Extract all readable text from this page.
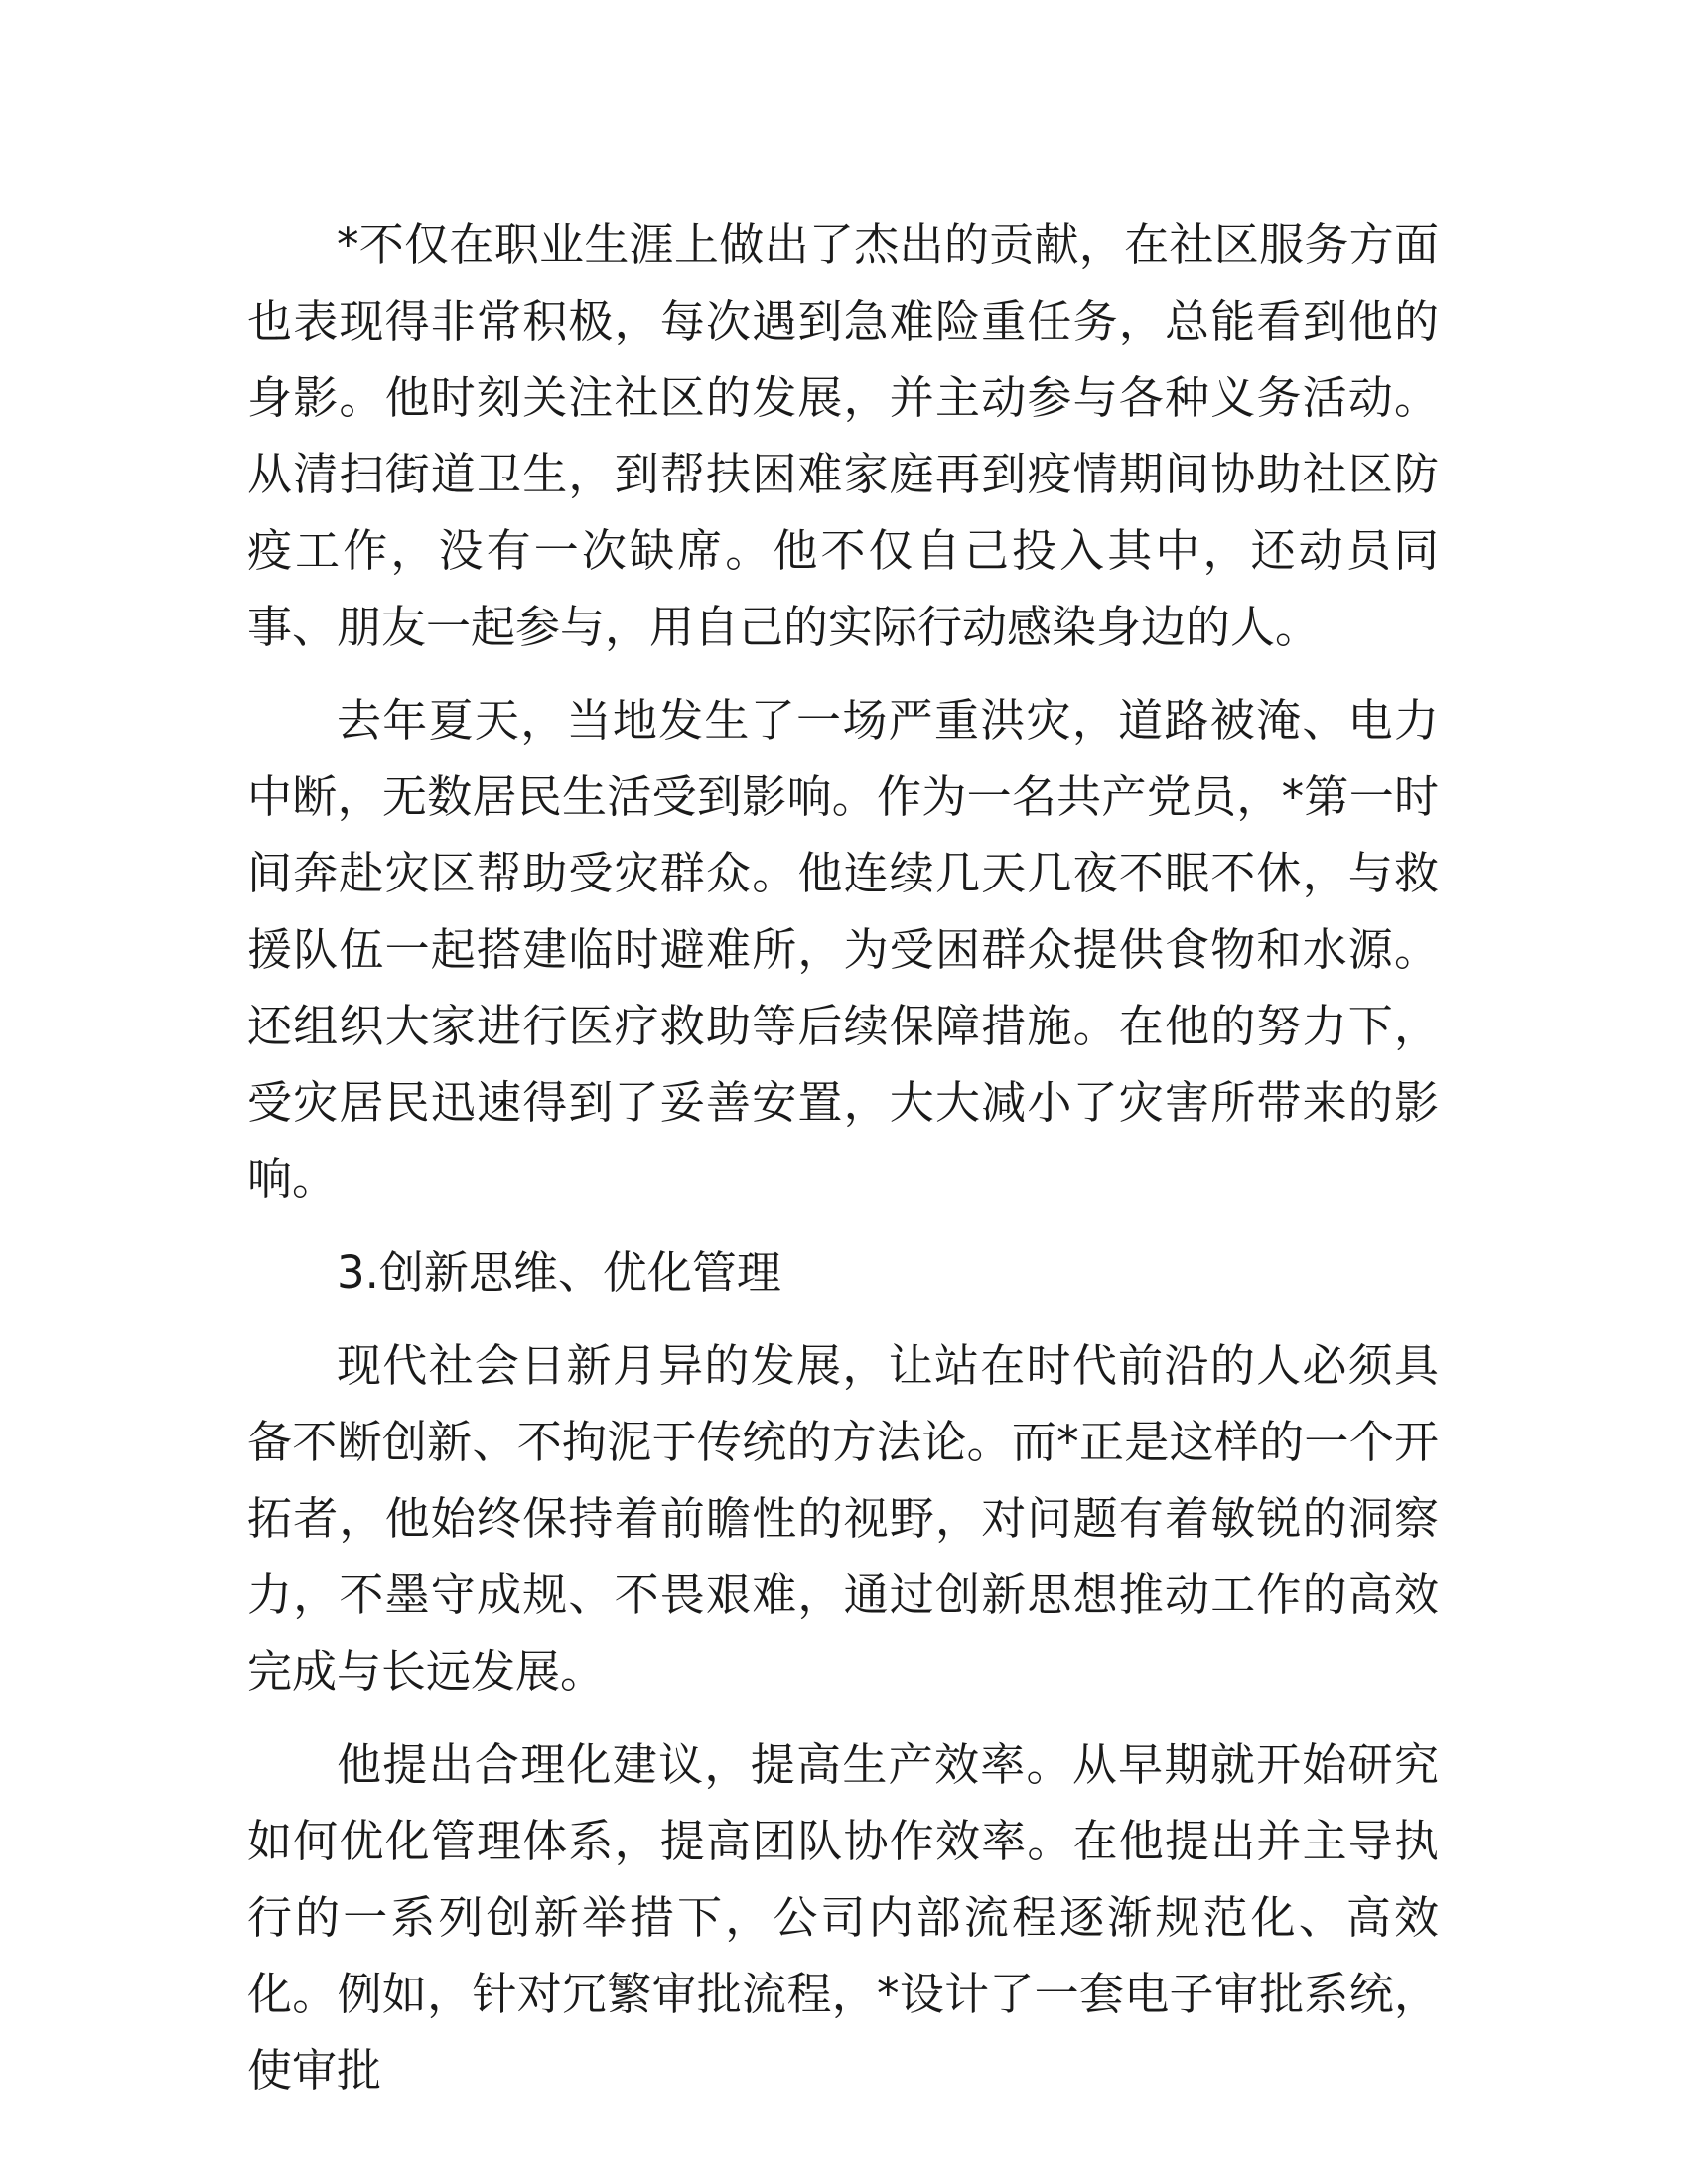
*不仅在职业生涯上做出了杰出的贡献，在社区服务方面也表现得非常积极，每次遇到急难险重任务，总能看到他的身影。他时刻关注社区的发展，并主动参与各种义务活动。从清扫街道卫生，到帮扶困难家庭再到疫情期间协助社区防疫工作，没有一次缺席。他不仅自己投入其中，还动员同事、朋友一起参与，用自己的实际行动感染身边的人。

去年夏天，当地发生了一场严重洪灾，道路被淹、电力中断，无数居民生活受到影响。作为一名共产党员，*第一时间奔赴灾区帮助受灾群众。他连续几天几夜不眠不休，与救援队伍一起搭建临时避难所，为受困群众提供食物和水源。还组织大家进行医疗救助等后续保障措施。在他的努力下，受灾居民迅速得到了妥善安置，大大减小了灾害所带来的影响。

3.创新思维、优化管理

现代社会日新月异的发展，让站在时代前沿的人必须具备不断创新、不拘泥于传统的方法论。而*正是这样的一个开拓者，他始终保持着前瞻性的视野，对问题有着敏锐的洞察力，不墨守成规、不畏艰难，通过创新思想推动工作的高效完成与长远发展。

他提出合理化建议，提高生产效率。从早期就开始研究如何优化管理体系，提高团队协作效率。在他提出并主导执行的一系列创新举措下，公司内部流程逐渐规范化、高效化。例如，针对冗繁审批流程，*设计了一套电子审批系统，使审批
